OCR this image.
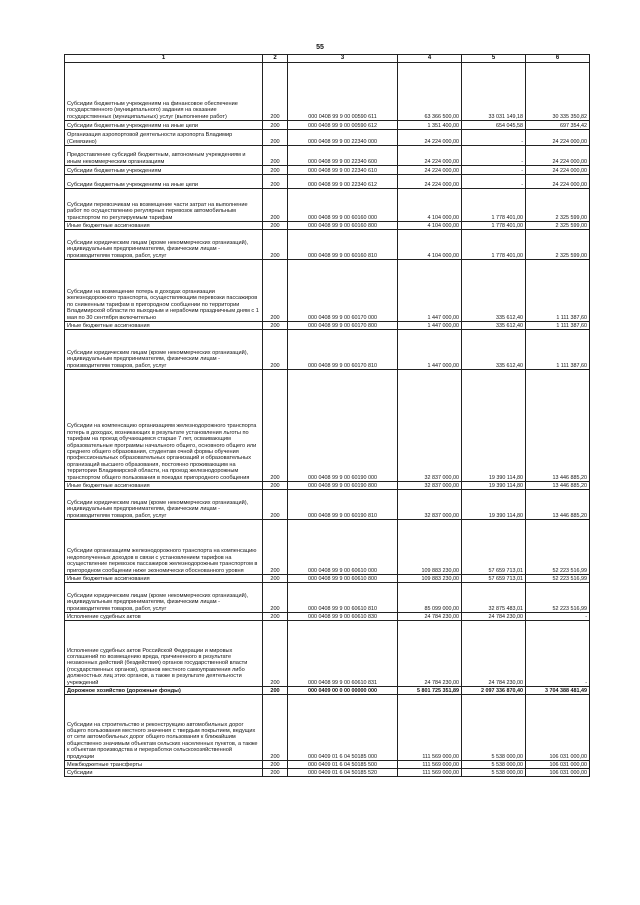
55
1	2	3	4	5	6
Субсидии бюджетным учреждениям на финансовое обеспечение государственного (муниципального) задания на оказание государственных (муниципальных) услуг (выполнение работ)	200	000 0408 99 9 00 00590 611	63 366 500,00	33 031 149,18	30 335 350,82
Субсидии бюджетным учреждениям на иные цели	200	000 0408 99 9 00 00590 612	1 351 400,00	654 045,58	697 354,42
Организация аэропортовой деятельности аэропорта Владимир (Семязино)	200	000 0408 99 9 00 22340 000	24 224 000,00	-	24 224 000,00
Предоставление субсидий бюджетным, автономным учреждениям и иным некоммерческим организациям	200	000 0408 99 9 00 22340 600	24 224 000,00	-	24 224 000,00
Субсидии бюджетным учреждениям	200	000 0408 99 9 00 22340 610	24 224 000,00	-	24 224 000,00
Субсидии бюджетным учреждениям на иные цели	200	000 0408 99 9 00 22340 612	24 224 000,00	-	24 224 000,00
Субсидии перевозчикам на возмещение части затрат на выполнение работ по осуществлению регулярных перевозок автомобильным транспортом по регулируемым тарифам	200	000 0408 99 9 00 60160 000	4 104 000,00	1 778 401,00	2 325 599,00
Иные бюджетные ассигнования	200	000 0408 99 9 00 60160 800	4 104 000,00	1 778 401,00	2 325 599,00
Субсидии юридическим лицам (кроме некоммерческих организаций), индивидуальным предпринимателям, физическим лицам - производителям товаров, работ, услуг	200	000 0408 99 9 00 60160 810	4 104 000,00	1 778 401,00	2 325 599,00
Субсидии на возмещение потерь в доходах организации железнодорожного транспорта, осуществляющим перевозки пассажиров по сниженным тарифам в пригородном сообщении по территории Владимирской области по выходным и нерабочим праздничным дням с 1 мая по 30 сентября включительно	200	000 0408 99 9 00 60170 000	1 447 000,00	335 612,40	1 111 387,60
Иные бюджетные ассигнования	200	000 0408 99 9 00 60170 800	1 447 000,00	335 612,40	1 111 387,60
Субсидии юридическим лицам (кроме некоммерческих организаций), индивидуальным предпринимателям, физическим лицам - производителям товаров, работ, услуг	200	000 0408 99 9 00 60170 810	1 447 000,00	335 612,40	1 111 387,60
Субсидии на компенсацию организациям железнодорожного транспорта потерь в доходах, возникающих в результате установления льготы по тарифам на проезд обучающимся старше 7 лет, осваивающим образовательные программы начального общего, основного общего или среднего общего образования, студентам очной формы обучения профессиональных образовательных организаций и образовательных организаций высшего образования, постоянно проживающим на территории Владимирской области, на проезд железнодорожным транспортом общего пользования в поездах пригородного сообщения	200	000 0408 99 9 00 60190 000	32 837 000,00	19 390 114,80	13 446 885,20
Иные бюджетные ассигнования	200	000 0408 99 9 00 60190 800	32 837 000,00	19 390 114,80	13 446 885,20
Субсидии юридическим лицам (кроме некоммерческих организаций), индивидуальным предпринимателям, физическим лицам - производителям товаров, работ, услуг	200	000 0408 99 9 00 60190 810	32 837 000,00	19 390 114,80	13 446 885,20
Субсидии организациям железнодорожного транспорта на компенсацию недополученных доходов в связи с установлением тарифов на осуществление перевозок пассажиров железнодорожным транспортом в пригородном сообщении ниже экономически обоснованного уровня	200	000 0408 99 9 00 60610 000	109 883 230,00	57 659 713,01	52 223 516,99
Иные бюджетные ассигнования	200	000 0408 99 9 00 60610 800	109 883 230,00	57 659 713,01	52 223 516,99
Субсидии юридическим лицам (кроме некоммерческих организаций), индивидуальным предпринимателям, физическим лицам - производителям товаров, работ, услуг	200	000 0408 99 9 00 60610 810	85 099 000,00	32 875 483,01	52 223 516,99
Исполнение судебных актов	200	000 0408 99 9 00 60610 830	24 784 230,00	24 784 230,00	-
Исполнение судебных актов Российской Федерации и мировых соглашений по возмещению вреда, причиненного в результате незаконных действий (бездействия) органов государственной власти (государственных органов), органов местного самоуправления либо должностных лиц этих органов, а также в результате деятельности учреждений	200	000 0408 99 9 00 60610 831	24 784 230,00	24 784 230,00	-
Дорожное хозяйство (дорожные фонды)	200	000 0409 00 0 00 00000 000	5 801 725 351,89	2 097 336 870,40	3 704 388 481,49
Субсидии на строительство и реконструкцию автомобильных дорог общего пользования местного значения с твердым покрытием, ведущих от сети автомобильных дорог общего пользования к ближайшим общественно значимым объектам сельских населенных пунктов, а также к объектам производства и переработки сельскохозяйственной продукции	200	000 0409 01 6 04 50185 000	111 569 000,00	5 538 000,00	106 031 000,00
Межбюджетные трансферты	200	000 0409 01 6 04 50185 500	111 569 000,00	5 538 000,00	106 031 000,00
Субсидии	200	000 0409 01 6 04 50185 520	111 569 000,00	5 538 000,00	106 031 000,00
